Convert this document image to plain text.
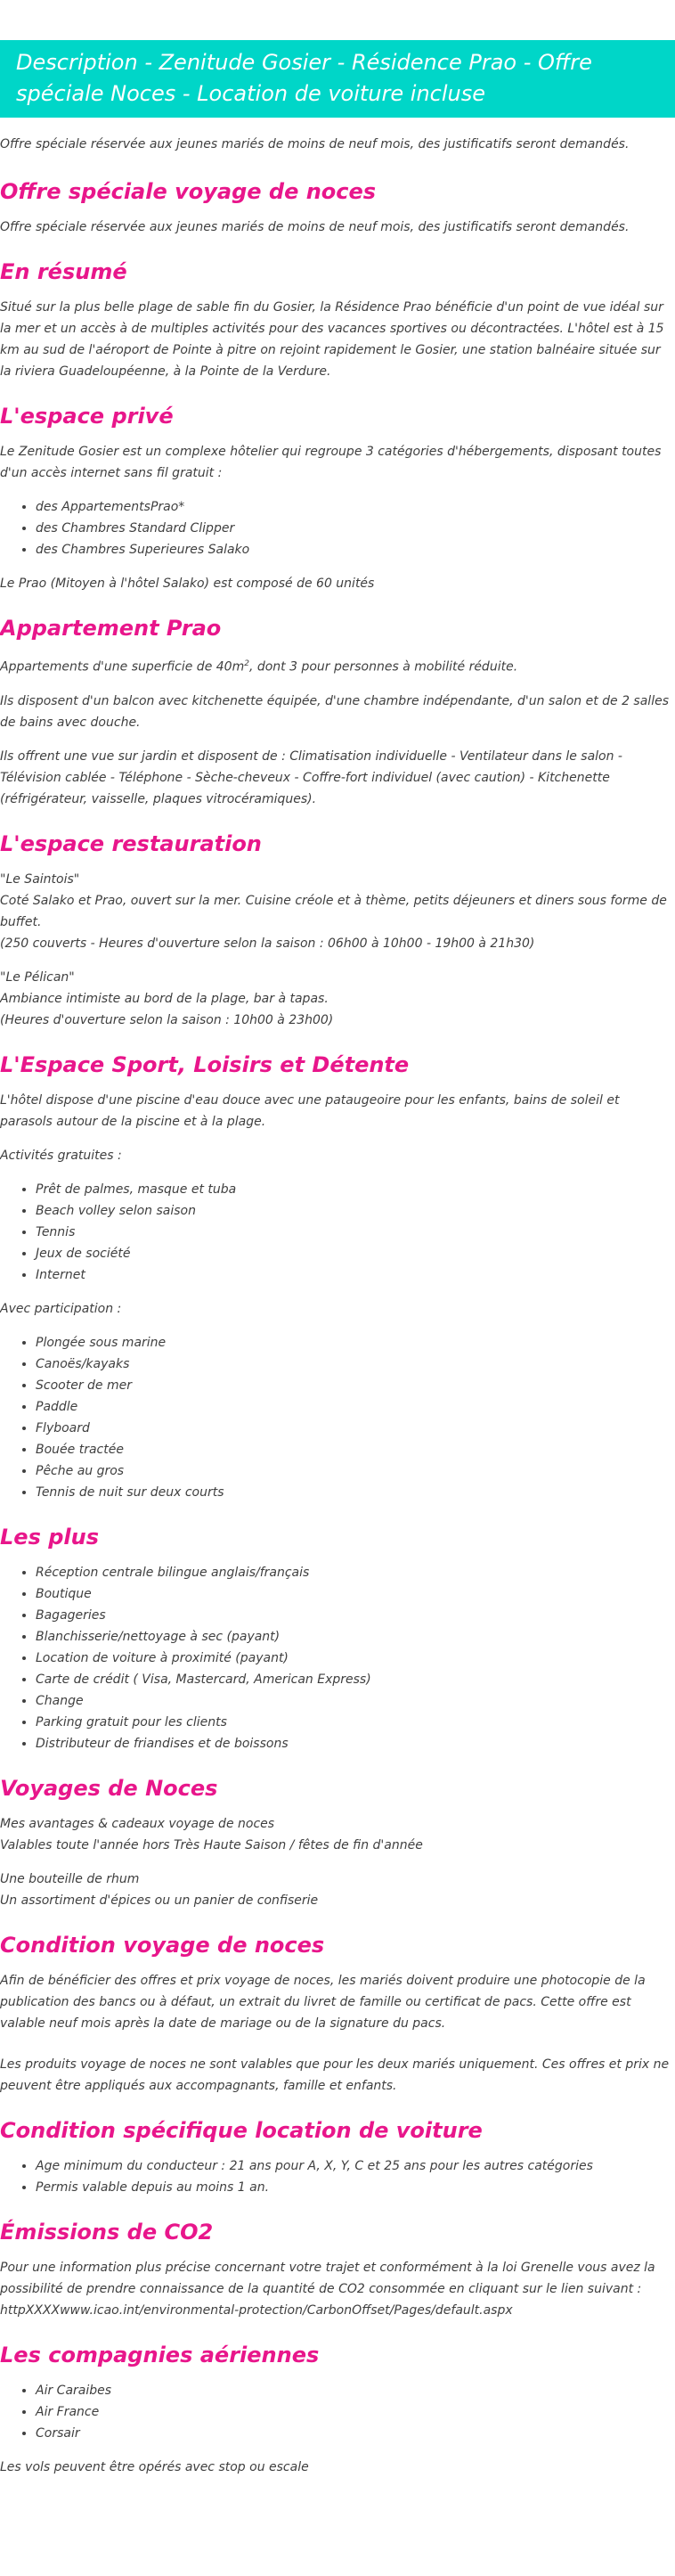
Description - Zenitude Gosier - Résidence Prao - Offre spéciale Noces - Location de voiture incluse

Offre spéciale réservée aux jeunes mariés de moins de neuf mois, des justificatifs seront demandés.

Offre spéciale voyage de noces

Offre spéciale réservée aux jeunes mariés de moins de neuf mois, des justificatifs seront demandés.

En résumé

Situé sur la plus belle plage de sable fin du Gosier, la Résidence Prao bénéficie d'un point de vue idéal sur la mer et un accès à de multiples activités pour des vacances sportives ou décontractées. L'hôtel est à 15 km au sud de l'aéroport de Pointe à pitre on rejoint rapidement le Gosier, une station balnéaire située sur la riviera Guadeloupéenne, à la Pointe de la Verdure.

L'espace privé

Le Zenitude Gosier est un complexe hôtelier qui regroupe 3 catégories d'hébergements, disposant toutes d'un accès internet sans fil gratuit :

• des AppartementsPrao*
• des Chambres Standard Clipper
• des Chambres Superieures Salako

Le Prao (Mitoyen à l'hôtel Salako) est composé de 60 unités

Appartement Prao

Appartements d'une superficie de $40m^2$, dont 3 pour personnes à mobilité réduite.

Ils disposent d'un balcon avec kitchenette équipée, d'une chambre indépendante, d'un salon et de 2 salles de bains avec douche.

Ils offrent une vue sur jardin et disposent de : Climatisation individuelle - Ventilateur dans le salon - Télévision cablée - Téléphone - Sèche-cheveux - Coffre-fort individuel (avec caution) - Kitchenette (réfrigérateur, vaisselle, plaques vitrocéramiques).

L'espace restauration

"Le Saintois"
Coté Salako et Prao, ouvert sur la mer. Cuisine créole et à thème, petits déjeuners et diners sous forme de buffet.
(250 couverts - Heures d'ouverture selon la saison : 06h00 à 10h00 - 19h00 à 21h30)

"Le Pélican"
Ambiance intimiste au bord de la plage, bar à tapas.
(Heures d'ouverture selon la saison : 10h00 à 23h00)

L'Espace Sport, Loisirs et Détente

L'hôtel dispose d'une piscine d'eau douce avec une pataugeoire pour les enfants, bains de soleil et parasols autour de la piscine et à la plage.

Activités gratuites :

• Prêt de palmes, masque et tuba
• Beach volley selon saison
• Tennis
• Jeux de société
• Internet

Avec participation :

• Plongée sous marine
• Canoës/kayaks
• Scooter de mer
• Paddle
• Flyboard
• Bouée tractée
• Pêche au gros
• Tennis de nuit sur deux courts
Les plus
• Réception centrale bilingue anglais/français
• Boutique
• Bagageries
• Blanchisserie/nettoyage à sec (payant)
• Location de voiture à proximité (payant)
• Carte de crédit ( Visa, Mastercard, American Express)
• Change
• Parking gratuit pour les clients
• Distributeur de friandises et de boissons
Voyages de Noces

Mes avantages & cadeaux voyage de noces
Valables toute l'année hors Très Haute Saison / fêtes de fin d'année

Une bouteille de rhum
Un assortiment d'épices ou un panier de confiserie

Condition voyage de noces

Afin de bénéficier des offres et prix voyage de noces, les mariés doivent produire une photocopie de la publication des bancs ou à défaut, un extrait du livret de famille ou certificat de pacs. Cette offre est valable neuf mois après la date de mariage ou de la signature du pacs.

Les produits voyage de noces ne sont valables que pour les deux mariés uniquement. Ces offres et prix ne peuvent être appliqués aux accompagnants, famille et enfants.

Condition spécifique location de voiture
• Age minimum du conducteur : 21 ans pour A, X, Y, C et 25 ans pour les autres catégories
• Permis valable depuis au moins 1 an.
Émissions de CO2

Pour une information plus précise concernant votre trajet et conformément à la loi Grenelle vous avez la possibilité de prendre connaissance de la quantité de CO2 consommée en cliquant sur le lien suivant : httpXXXXwww.icao.int/environmental-protection/CarbonOffset/Pages/default.aspx

Les compagnies aériennes
• Air Caraibes
• Air France
• Corsair

Les vols peuvent être opérés avec stop ou escale
